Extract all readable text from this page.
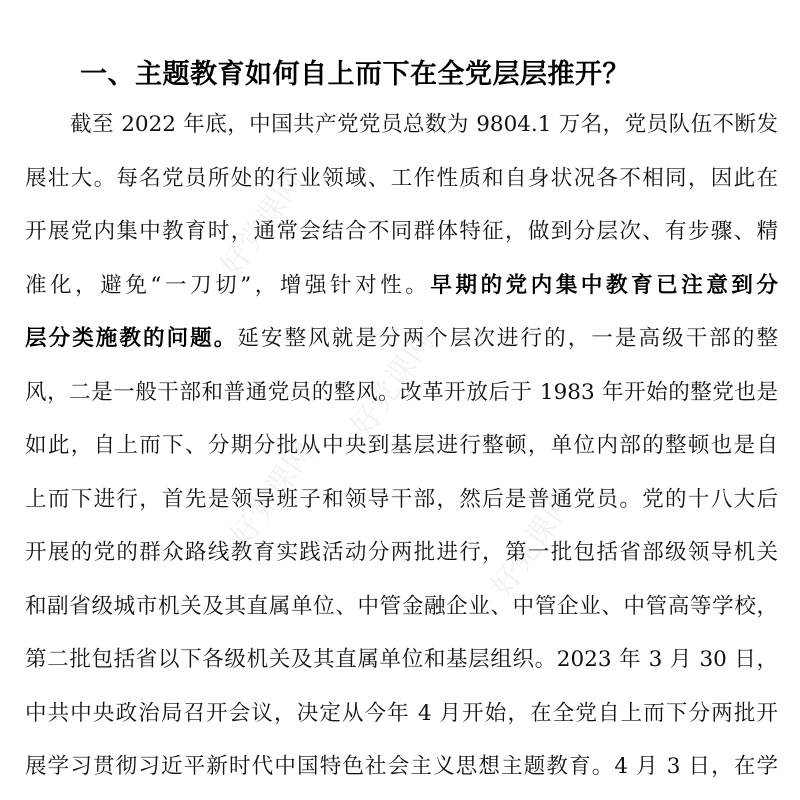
好党课网
好党课网
好党课网	好党课网
一、主题教育如何自上而下在全党层层推开？
截至 2022 年底，中国共产党党员总数为 9804.1 万名，党员队伍不断发
展壮大。每名党员所处的行业领域、工作性质和自身状况各不相同，因此在
开展党内集中教育时，通常会结合不同群体特征，做到分层次、有步骤、精
准化，避免“一刀切”，增强针对性。早期的党内集中教育已注意到分
层分类施教的问题。延安整风就是分两个层次进行的，一是高级干部的整
风，二是一般干部和普通党员的整风。改革开放后于 1983 年开始的整党也是
如此，自上而下、分期分批从中央到基层进行整顿，单位内部的整顿也是自
上而下进行，首先是领导班子和领导干部，然后是普通党员。党的十八大后
开展的党的群众路线教育实践活动分两批进行，第一批包括省部级领导机关
和副省级城市机关及其直属单位、中管金融企业、中管企业、中管高等学校，
第二批包括省以下各级机关及其直属单位和基层组织。2023 年 3 月 30 日，
中共中央政治局召开会议，决定从今年 4 月开始，在全党自上而下分两批开
展学习贯彻习近平新时代中国特色社会主义思想主题教育。4 月 3 日，在学
